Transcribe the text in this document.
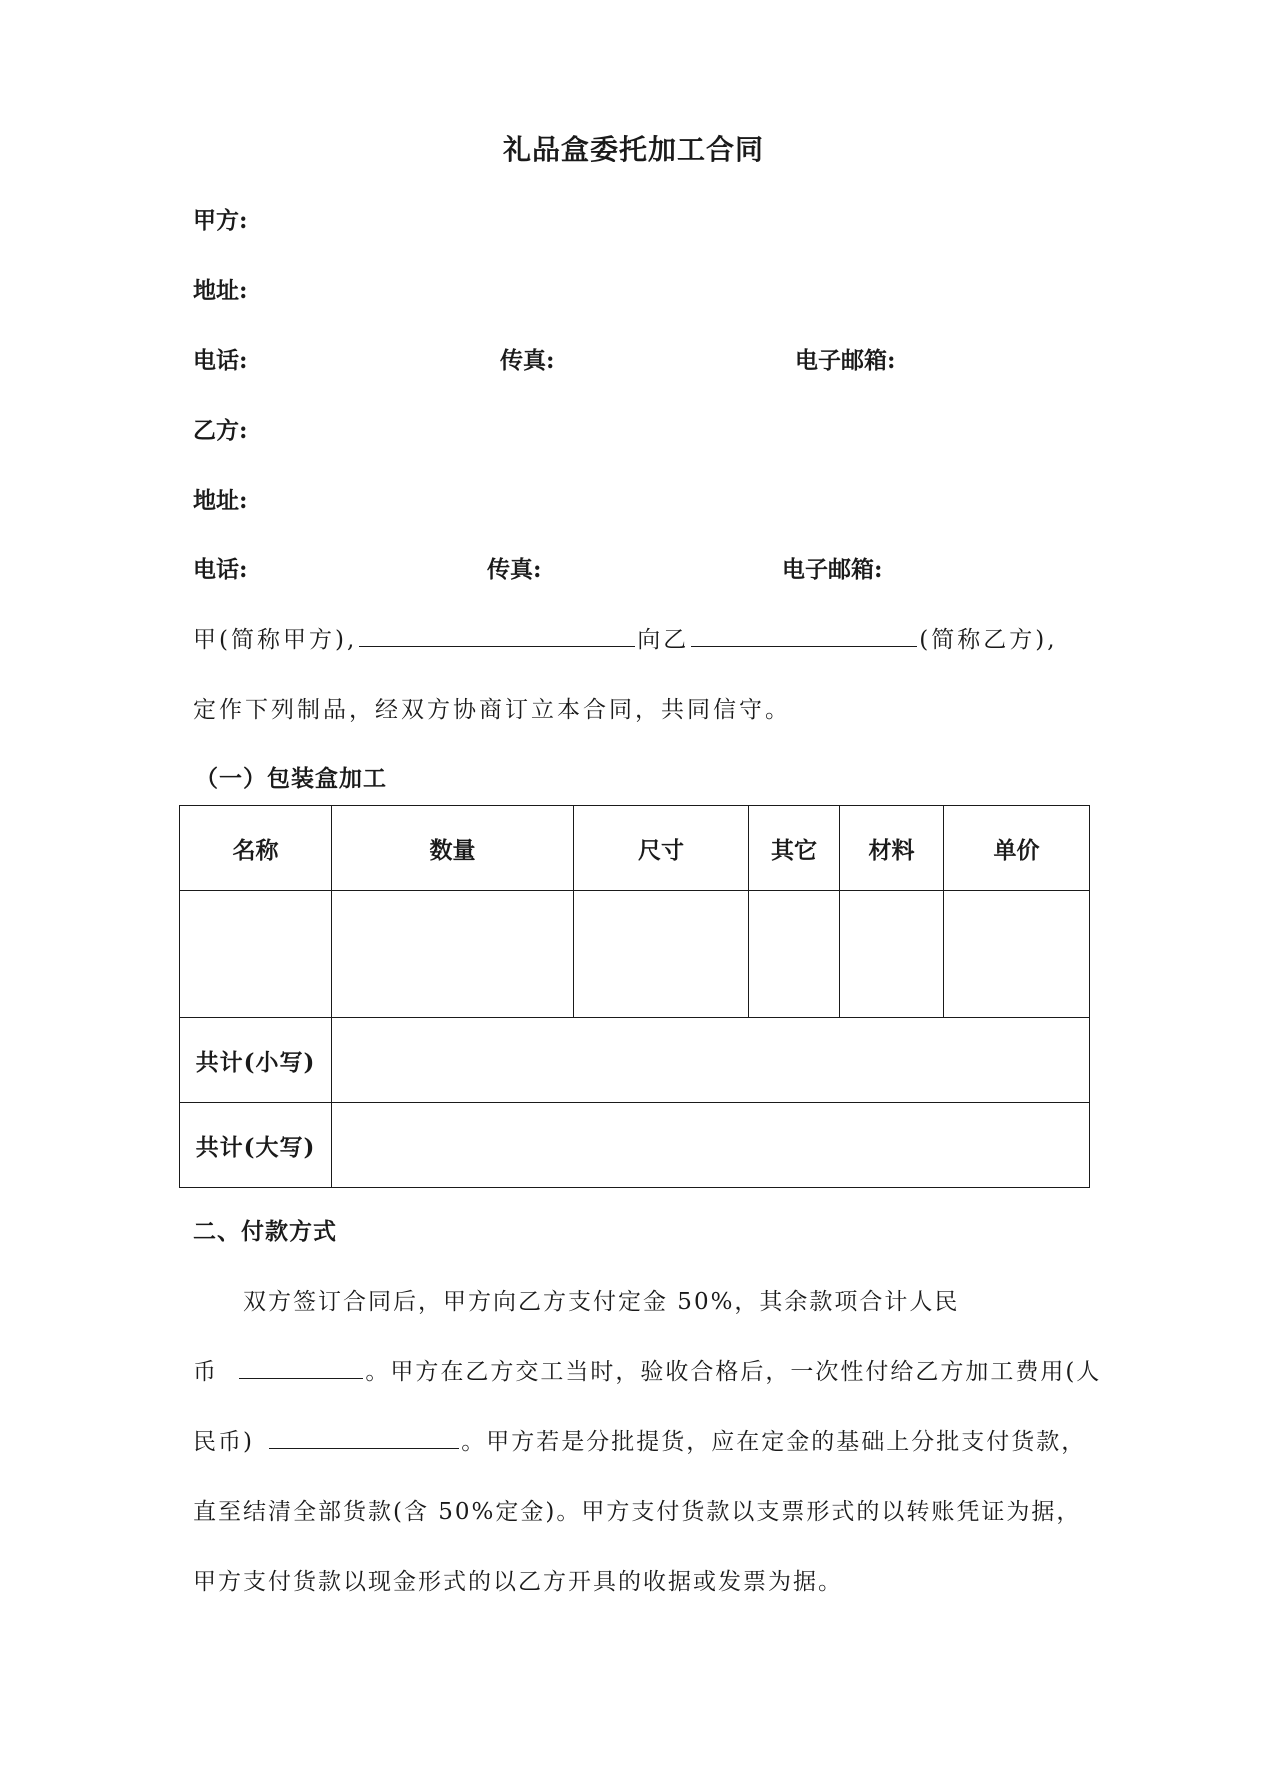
礼品盒委托加工合同
甲方:
地址:
电话:	传真:	电子邮箱:
乙方:
地址:
电话:	传真:	电子邮箱:
甲(简称甲方),	向乙	(简称乙方),
定作下列制品，经双方协商订立本合同，共同信守。
（一）包装盒加工
名称	数量	尺寸	其它	材料	单价

共计(小写)					
共计(大写)					
二、付款方式
双方签订合同后，甲方向乙方支付定金 50%，其余款项合计人民
币	。甲方在乙方交工当时，验收合格后，一次性付给乙方加工费用(人
民币)	。甲方若是分批提货，应在定金的基础上分批支付货款，
直至结清全部货款(含 50%定金)。甲方支付货款以支票形式的以转账凭证为据，
甲方支付货款以现金形式的以乙方开具的收据或发票为据。
